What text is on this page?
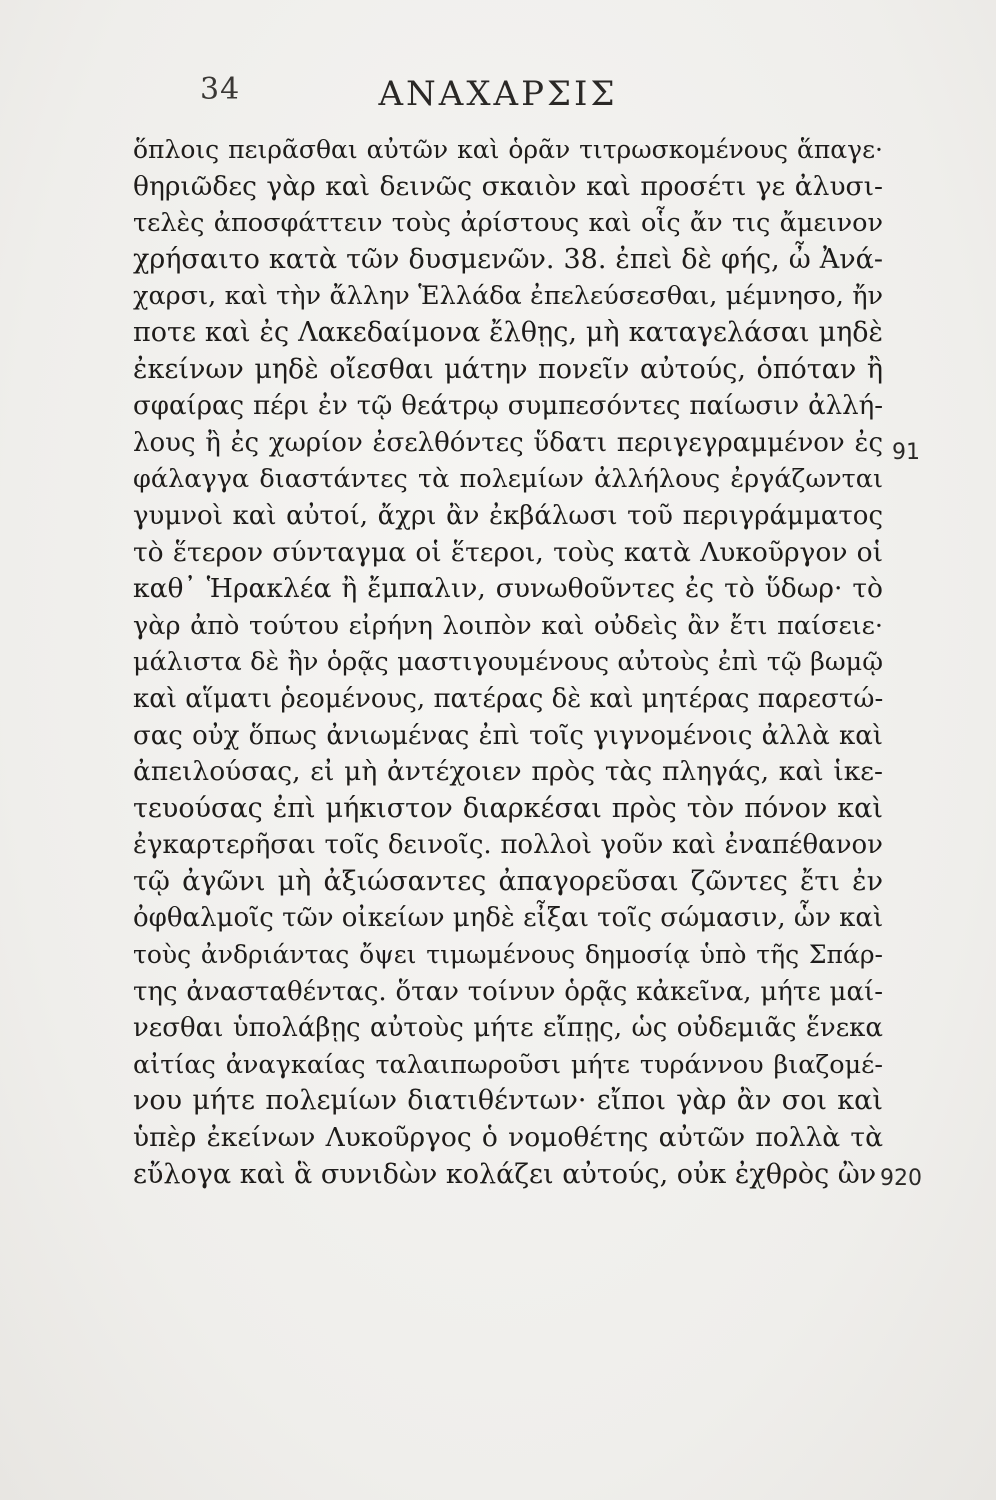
34	ΑΝΑΧΑΡΣΙΣ
ὅπλοις πειρᾶσθαι αὐτῶν καὶ ὁρᾶν τιτρωσκομένους ἅπαγε·
θηριῶδες γὰρ καὶ δεινῶς σκαιὸν καὶ προσέτι γε ἀλυσι-
τελὲς ἀποσφάττειν τοὺς ἀρίστους καὶ οἷς ἄν τις ἄμεινον
χρήσαιτο κατὰ τῶν δυσμενῶν. 38. ἐπεὶ δὲ φής, ὦ Ἀνά-
χαρσι, καὶ τὴν ἄλλην Ἑλλάδα ἐπελεύσεσθαι, μέμνησο, ἤν
ποτε καὶ ἐς Λακεδαίμονα ἔλθῃς, μὴ καταγελάσαι μηδὲ
ἐκείνων μηδὲ οἴεσθαι μάτην πονεῖν αὐτούς, ὁπόταν ἢ
σφαίρας πέρι ἐν τῷ θεάτρῳ συμπεσόντες παίωσιν ἀλλή-
λους ἢ ἐς χωρίον ἐσελθόντες ὕδατι περιγεγραμμένον ἐς
φάλαγγα διαστάντες τὰ πολεμίων ἀλλήλους ἐργάζωνται
γυμνοὶ καὶ αὐτοί, ἄχρι ἂν ἐκβάλωσι τοῦ περιγράμματος
τὸ ἕτερον σύνταγμα οἱ ἕτεροι, τοὺς κατὰ Λυκοῦργον οἱ
καθ᾽ Ἡρακλέα ἢ ἔμπαλιν, συνωθοῦντες ἐς τὸ ὕδωρ· τὸ
γὰρ ἀπὸ τούτου εἰρήνη λοιπὸν καὶ οὐδεὶς ἂν ἔτι παίσειε·
μάλιστα δὲ ἢν ὁρᾷς μαστιγουμένους αὐτοὺς ἐπὶ τῷ βωμῷ
καὶ αἵματι ῥεομένους, πατέρας δὲ καὶ μητέρας παρεστώ-
σας οὐχ ὅπως ἀνιωμένας ἐπὶ τοῖς γιγνομένοις ἀλλὰ καὶ
ἀπειλούσας, εἰ μὴ ἀντέχοιεν πρὸς τὰς πληγάς, καὶ ἱκε-
τευούσας ἐπὶ μήκιστον διαρκέσαι πρὸς τὸν πόνον καὶ
ἐγκαρτερῆσαι τοῖς δεινοῖς. πολλοὶ γοῦν καὶ ἐναπέθανον
τῷ ἀγῶνι μὴ ἀξιώσαντες ἀπαγορεῦσαι ζῶντες ἔτι ἐν
ὀφθαλμοῖς τῶν οἰκείων μηδὲ εἶξαι τοῖς σώμασιν, ὧν καὶ
τοὺς ἀνδριάντας ὄψει τιμωμένους δημοσίᾳ ὑπὸ τῆς Σπάρ-
της ἀνασταθέντας. ὅταν τοίνυν ὁρᾷς κἀκεῖνα, μήτε μαί-
νεσθαι ὑπολάβῃς αὐτοὺς μήτε εἴπῃς, ὡς οὐδεμιᾶς ἕνεκα
αἰτίας ἀναγκαίας ταλαιπωροῦσι μήτε τυράννου βιαζομέ-
νου μήτε πολεμίων διατιθέντων· εἴποι γὰρ ἂν σοι καὶ
ὑπὲρ ἐκείνων Λυκοῦργος ὁ νομοθέτης αὐτῶν πολλὰ τὰ
εὔλογα καὶ ἃ συνιδὼν κολάζει αὐτούς, οὐκ ἐχθρὸς ὢν
91
920
